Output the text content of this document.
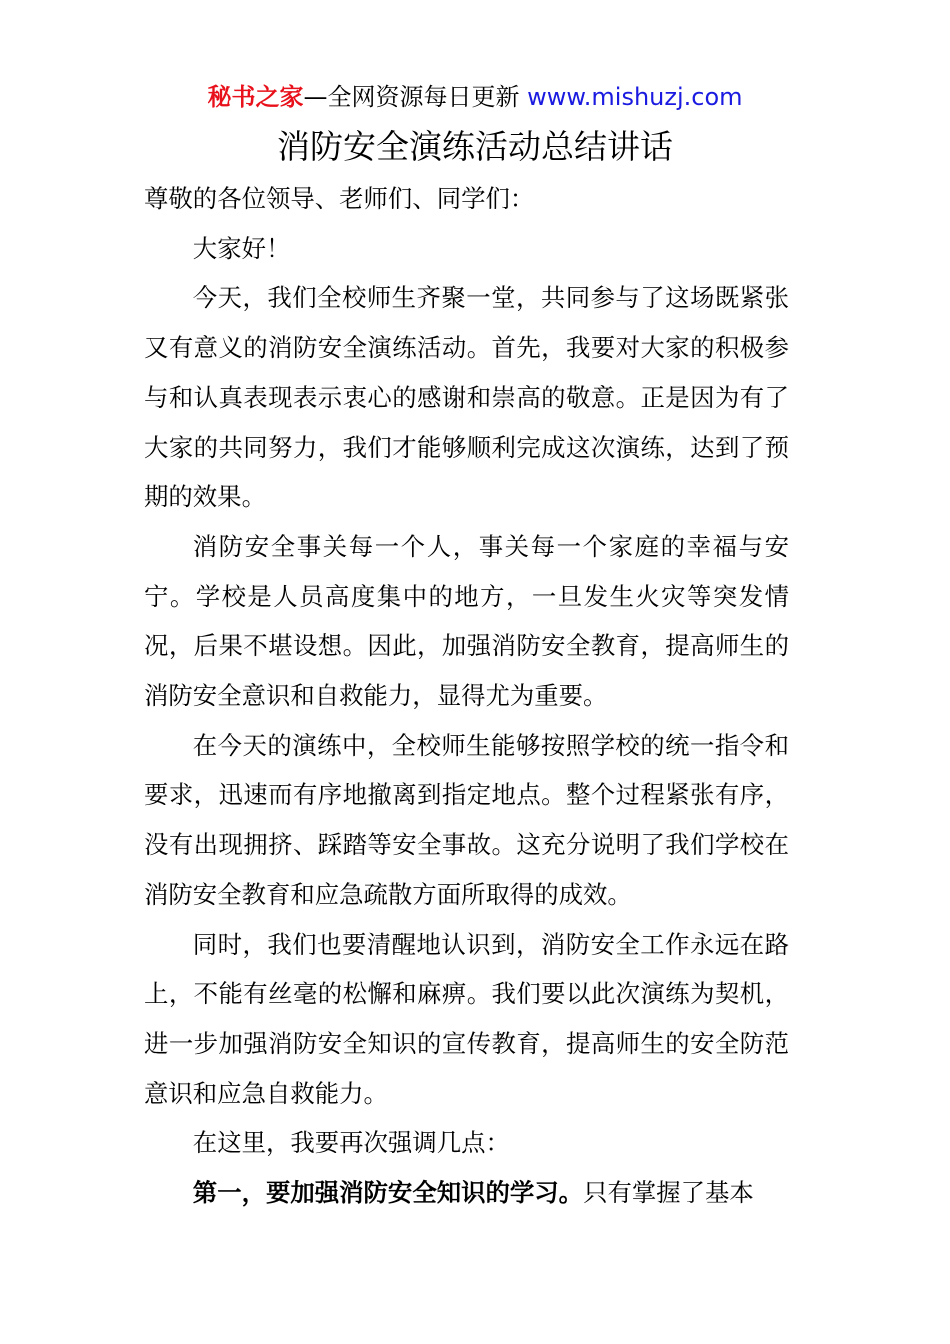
秘书之家—全网资源每日更新 www.mishuzj.com
消防安全演练活动总结讲话

尊敬的各位领导、老师们、同学们：

大家好！

今天，我们全校师生齐聚一堂，共同参与了这场既紧张又有意义的消防安全演练活动。首先，我要对大家的积极参与和认真表现表示衷心的感谢和崇高的敬意。正是因为有了大家的共同努力，我们才能够顺利完成这次演练，达到了预期的效果。

消防安全事关每一个人，事关每一个家庭的幸福与安宁。学校是人员高度集中的地方，一旦发生火灾等突发情况，后果不堪设想。因此，加强消防安全教育，提高师生的消防安全意识和自救能力，显得尤为重要。

在今天的演练中，全校师生能够按照学校的统一指令和要求，迅速而有序地撤离到指定地点。整个过程紧张有序，没有出现拥挤、踩踏等安全事故。这充分说明了我们学校在消防安全教育和应急疏散方面所取得的成效。

同时，我们也要清醒地认识到，消防安全工作永远在路上，不能有丝毫的松懈和麻痹。我们要以此次演练为契机，进一步加强消防安全知识的宣传教育，提高师生的安全防范意识和应急自救能力。

在这里，我要再次强调几点：

第一，要加强消防安全知识的学习。只有掌握了基本
